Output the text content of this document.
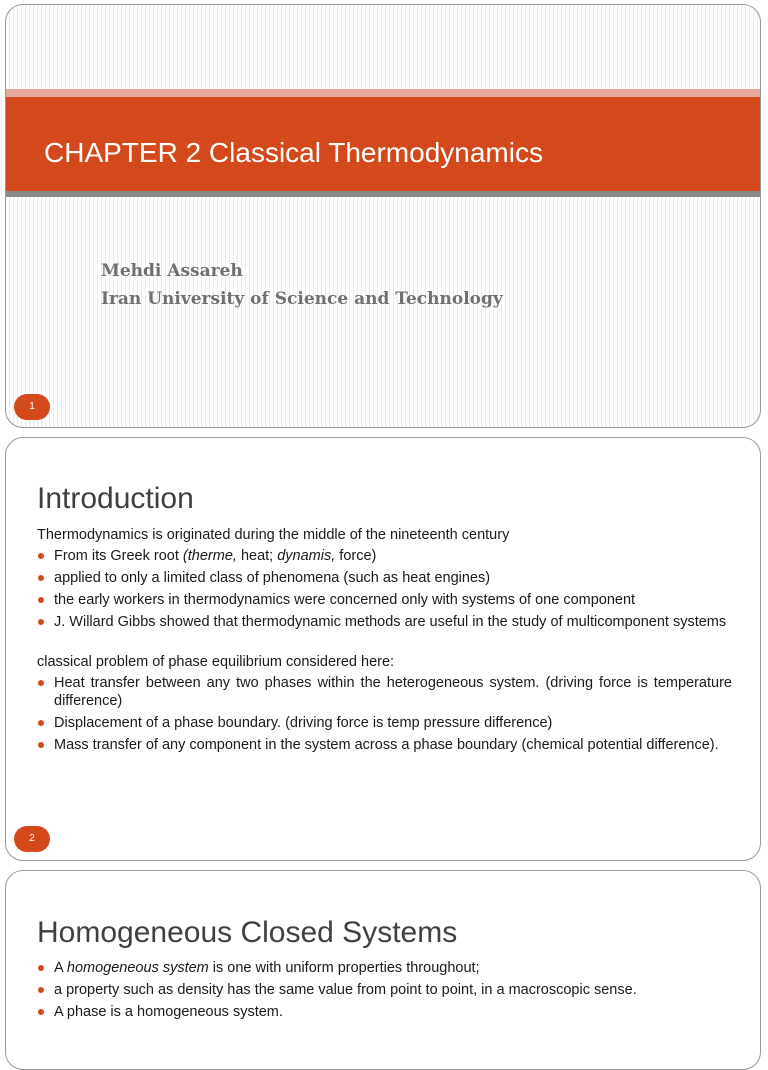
CHAPTER 2 Classical Thermodynamics
Mehdi Assareh
Iran University of Science and Technology
1
Introduction
Thermodynamics is originated during the middle of the nineteenth century
From its Greek root (therme, heat; dynamis, force)
applied to only a limited class of phenomena (such as heat engines)
the early workers in thermodynamics were concerned only with systems of one component
J. Willard Gibbs showed that thermodynamic methods are useful in the study of multicomponent systems
classical problem of phase equilibrium considered here:
Heat transfer between any two phases within the heterogeneous system. (driving force is temperature difference)
Displacement of a phase boundary. (driving force is temp pressure difference)
Mass transfer of any component in the system across a phase boundary (chemical potential difference).
2
Homogeneous Closed Systems
A homogeneous system is one with uniform properties throughout;
a property such as density has the same value from point to point, in a macroscopic sense.
A phase is a homogeneous system.
